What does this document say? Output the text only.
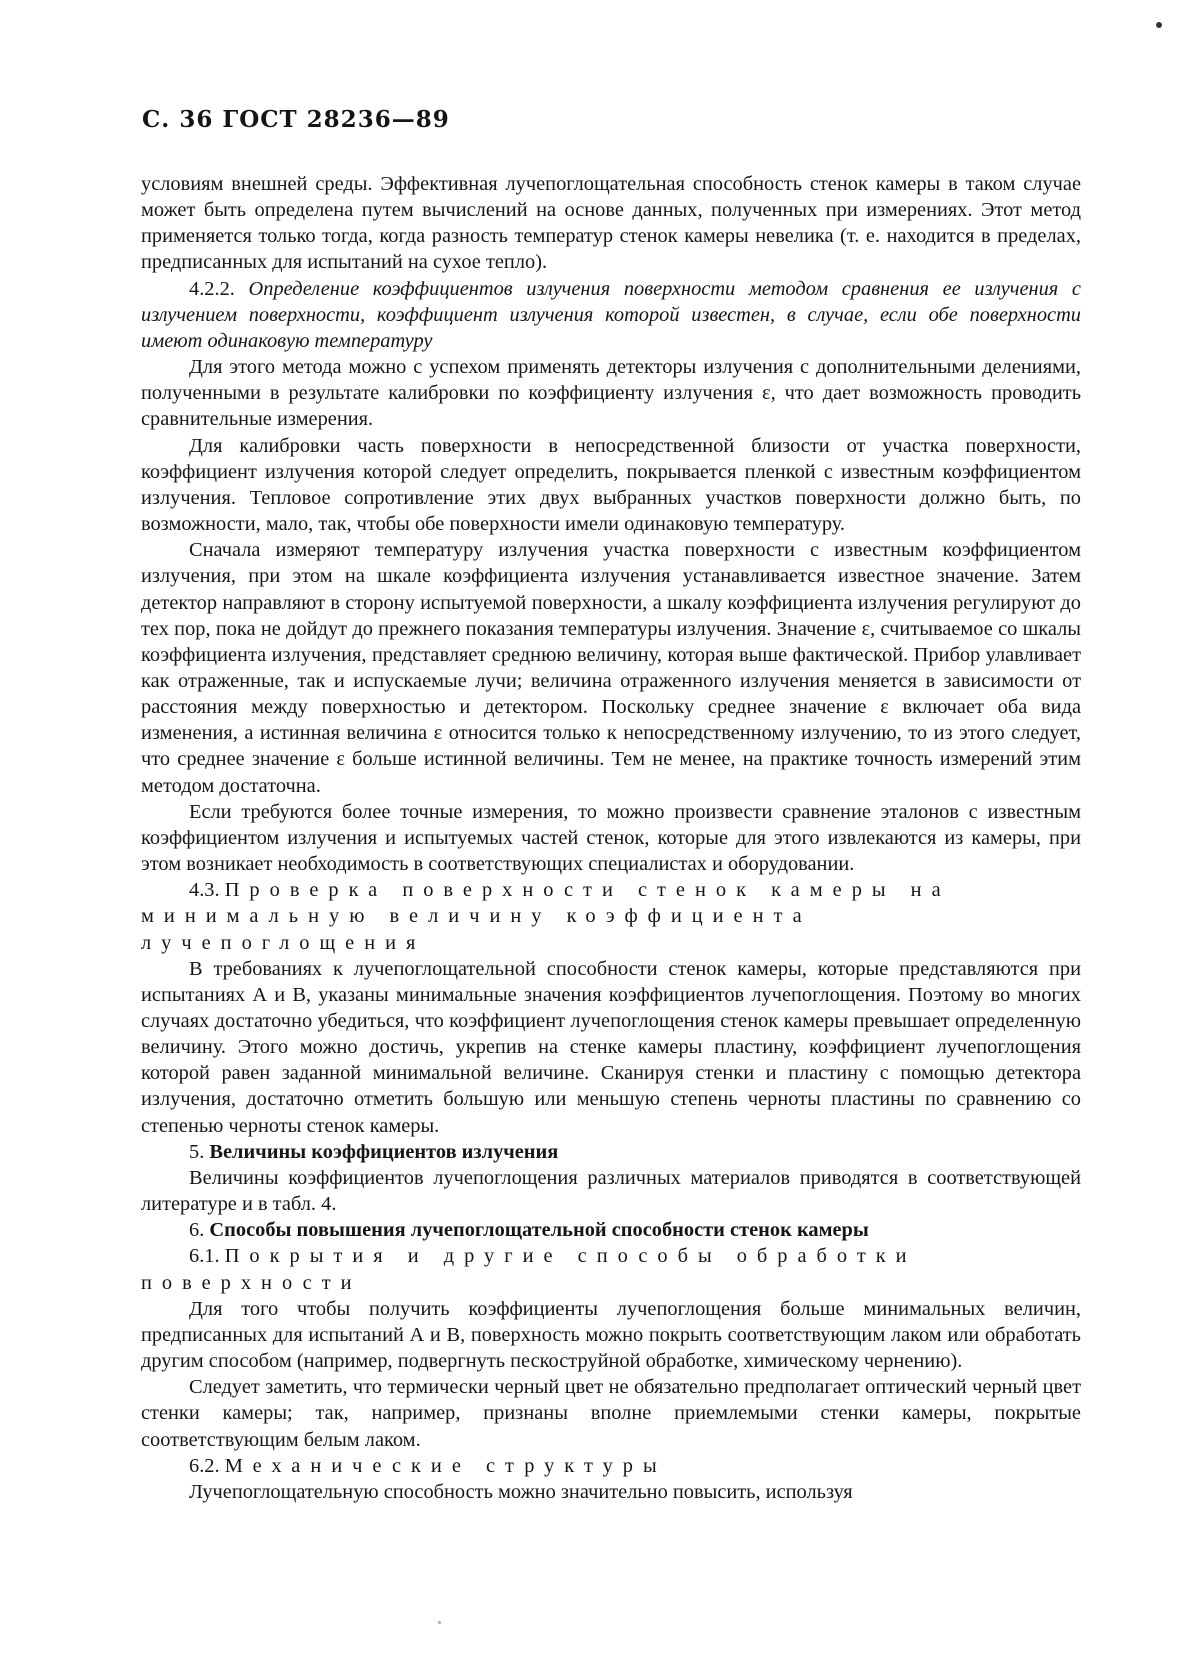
С. 36 ГОСТ 28236—89

условиям внешней среды. Эффективная лучепоглощательная способность стенок камеры в таком случае может быть определена путем вычислений на основе данных, полученных при измерениях. Этот метод применяется только тогда, когда разность температур стенок камеры невелика (т. е. находится в пределах, предписанных для испытаний на сухое тепло).

4.2.2. Определение коэффициентов излучения поверхности методом сравнения ее излучения с излучением поверхности, коэффициент излучения которой известен, в случае, если обе поверхности имеют одинаковую температуру

Для этого метода можно с успехом применять детекторы излучения с дополнительными делениями, полученными в результате калибровки по коэффициенту излучения ε, что дает возможность проводить сравнительные измерения.

Для калибровки часть поверхности в непосредственной близости от участка поверхности, коэффициент излучения которой следует определить, покрывается пленкой с известным коэффициентом излучения. Тепловое сопротивление этих двух выбранных участков поверхности должно быть, по возможности, мало, так, чтобы обе поверхности имели одинаковую температуру.

Сначала измеряют температуру излучения участка поверхности с известным коэффициентом излучения, при этом на шкале коэффициента излучения устанавливается известное значение. Затем детектор направляют в сторону испытуемой поверхности, а шкалу коэффициента излучения регулируют до тех пор, пока не дойдут до прежнего показания температуры излучения. Значение ε, считываемое со шкалы коэффициента излучения, представляет среднюю величину, которая выше фактической. Прибор улавливает как отраженные, так и испускаемые лучи; величина отраженного излучения меняется в зависимости от расстояния между поверхностью и детектором. Поскольку среднее значение ε включает оба вида изменения, а истинная величина ε относится только к непосредственному излучению, то из этого следует, что среднее значение ε больше истинной величины. Тем не менее, на практике точность измерений этим методом достаточна.

Если требуются более точные измерения, то можно произвести сравнение эталонов с известным коэффициентом излучения и испытуемых частей стенок, которые для этого извлекаются из камеры, при этом возникает необходимость в соответствующих специалистах и оборудовании.

4.3. Проверка поверхности стенок камеры на минимальную величину коэффициента лучепоглощения

В требованиях к лучепоглощательной способности стенок камеры, которые представляются при испытаниях А и В, указаны минимальные значения коэффициентов лучепоглощения. Поэтому во многих случаях достаточно убедиться, что коэффициент лучепоглощения стенок камеры превышает определенную величину. Этого можно достичь, укрепив на стенке камеры пластину, коэффициент лучепоглощения которой равен заданной минимальной величине. Сканируя стенки и пластину с помощью детектора излучения, достаточно отметить большую или меньшую степень черноты пластины по сравнению со степенью черноты стенок камеры.

5. Величины коэффициентов излучения

Величины коэффициентов лучепоглощения различных материалов приводятся в соответствующей литературе и в табл. 4.

6. Способы повышения лучепоглощательной способности стенок камеры

6.1. Покрытия и другие способы обработки поверхности

Для того чтобы получить коэффициенты лучепоглощения больше минимальных величин, предписанных для испытаний А и В, поверхность можно покрыть соответствующим лаком или обработать другим способом (например, подвергнуть пескоструйной обработке, химическому чернению).

Следует заметить, что термически черный цвет не обязательно предполагает оптический черный цвет стенки камеры; так, например, признаны вполне приемлемыми стенки камеры, покрытые соответствующим белым лаком.

6.2. Механические структуры

Лучепоглощательную способность можно значительно повысить, используя
